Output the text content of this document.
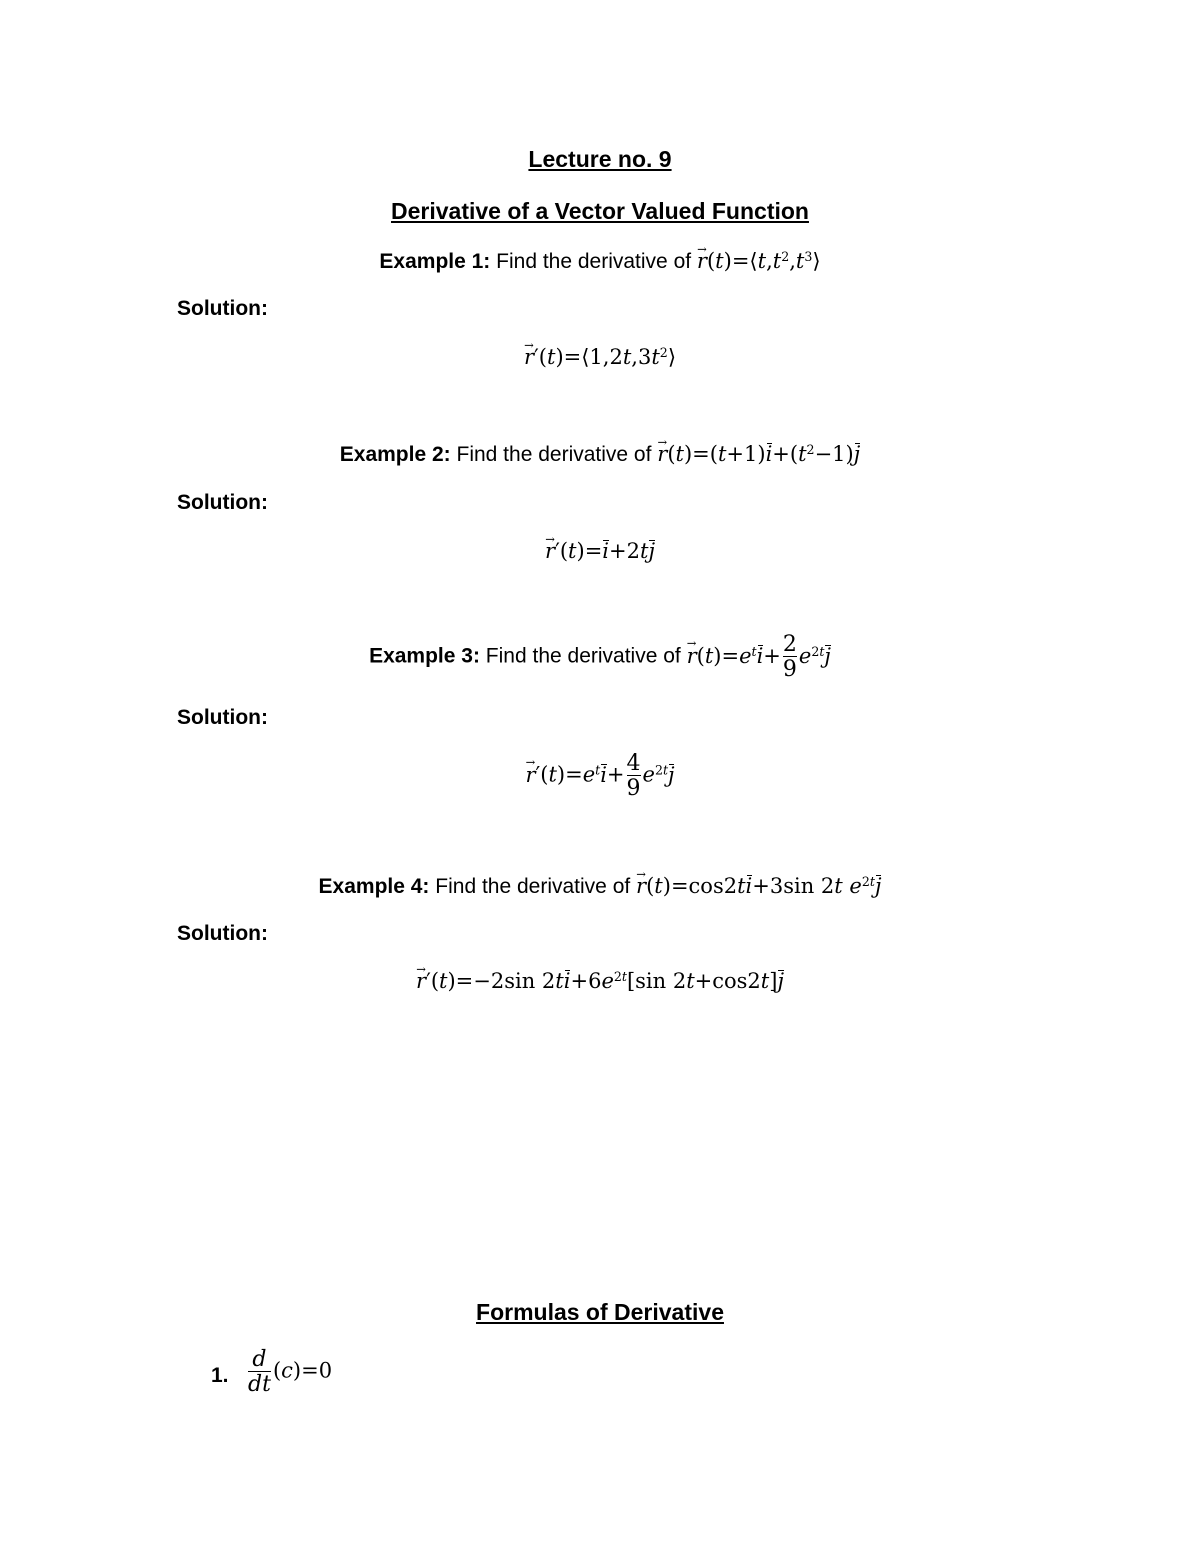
Lecture no. 9
Derivative of a Vector Valued Function
Example 1: Find the derivative of → $r(t)=⟨t,t^2,t^3⟩$
Solution:
→ $r'(t)=⟨1,2t,3t^2⟩$
Example 2: Find the derivative of → $r(t)=(t+1)i+(t^2-1)j$
Solution:
→ r′(t)=i+2tj
Example 3: Find the derivative of → $r(t)=e^ti+ \frac{2}{9} e^{2t}j$
Solution:
→ $r'(t)=e^ti+ \frac{4}{9} e^{2t}j$
Example 4: Find the derivative of → r(t)=cos2ti+3sin 2t $e^{2t}j$
Solution:
→ r′(t)=−2sin $2ti+6e^{2t}[\sin$ 2t+cos2t]j
Formulas of Derivative
1. $\frac{d}{dt} (c)=0$
